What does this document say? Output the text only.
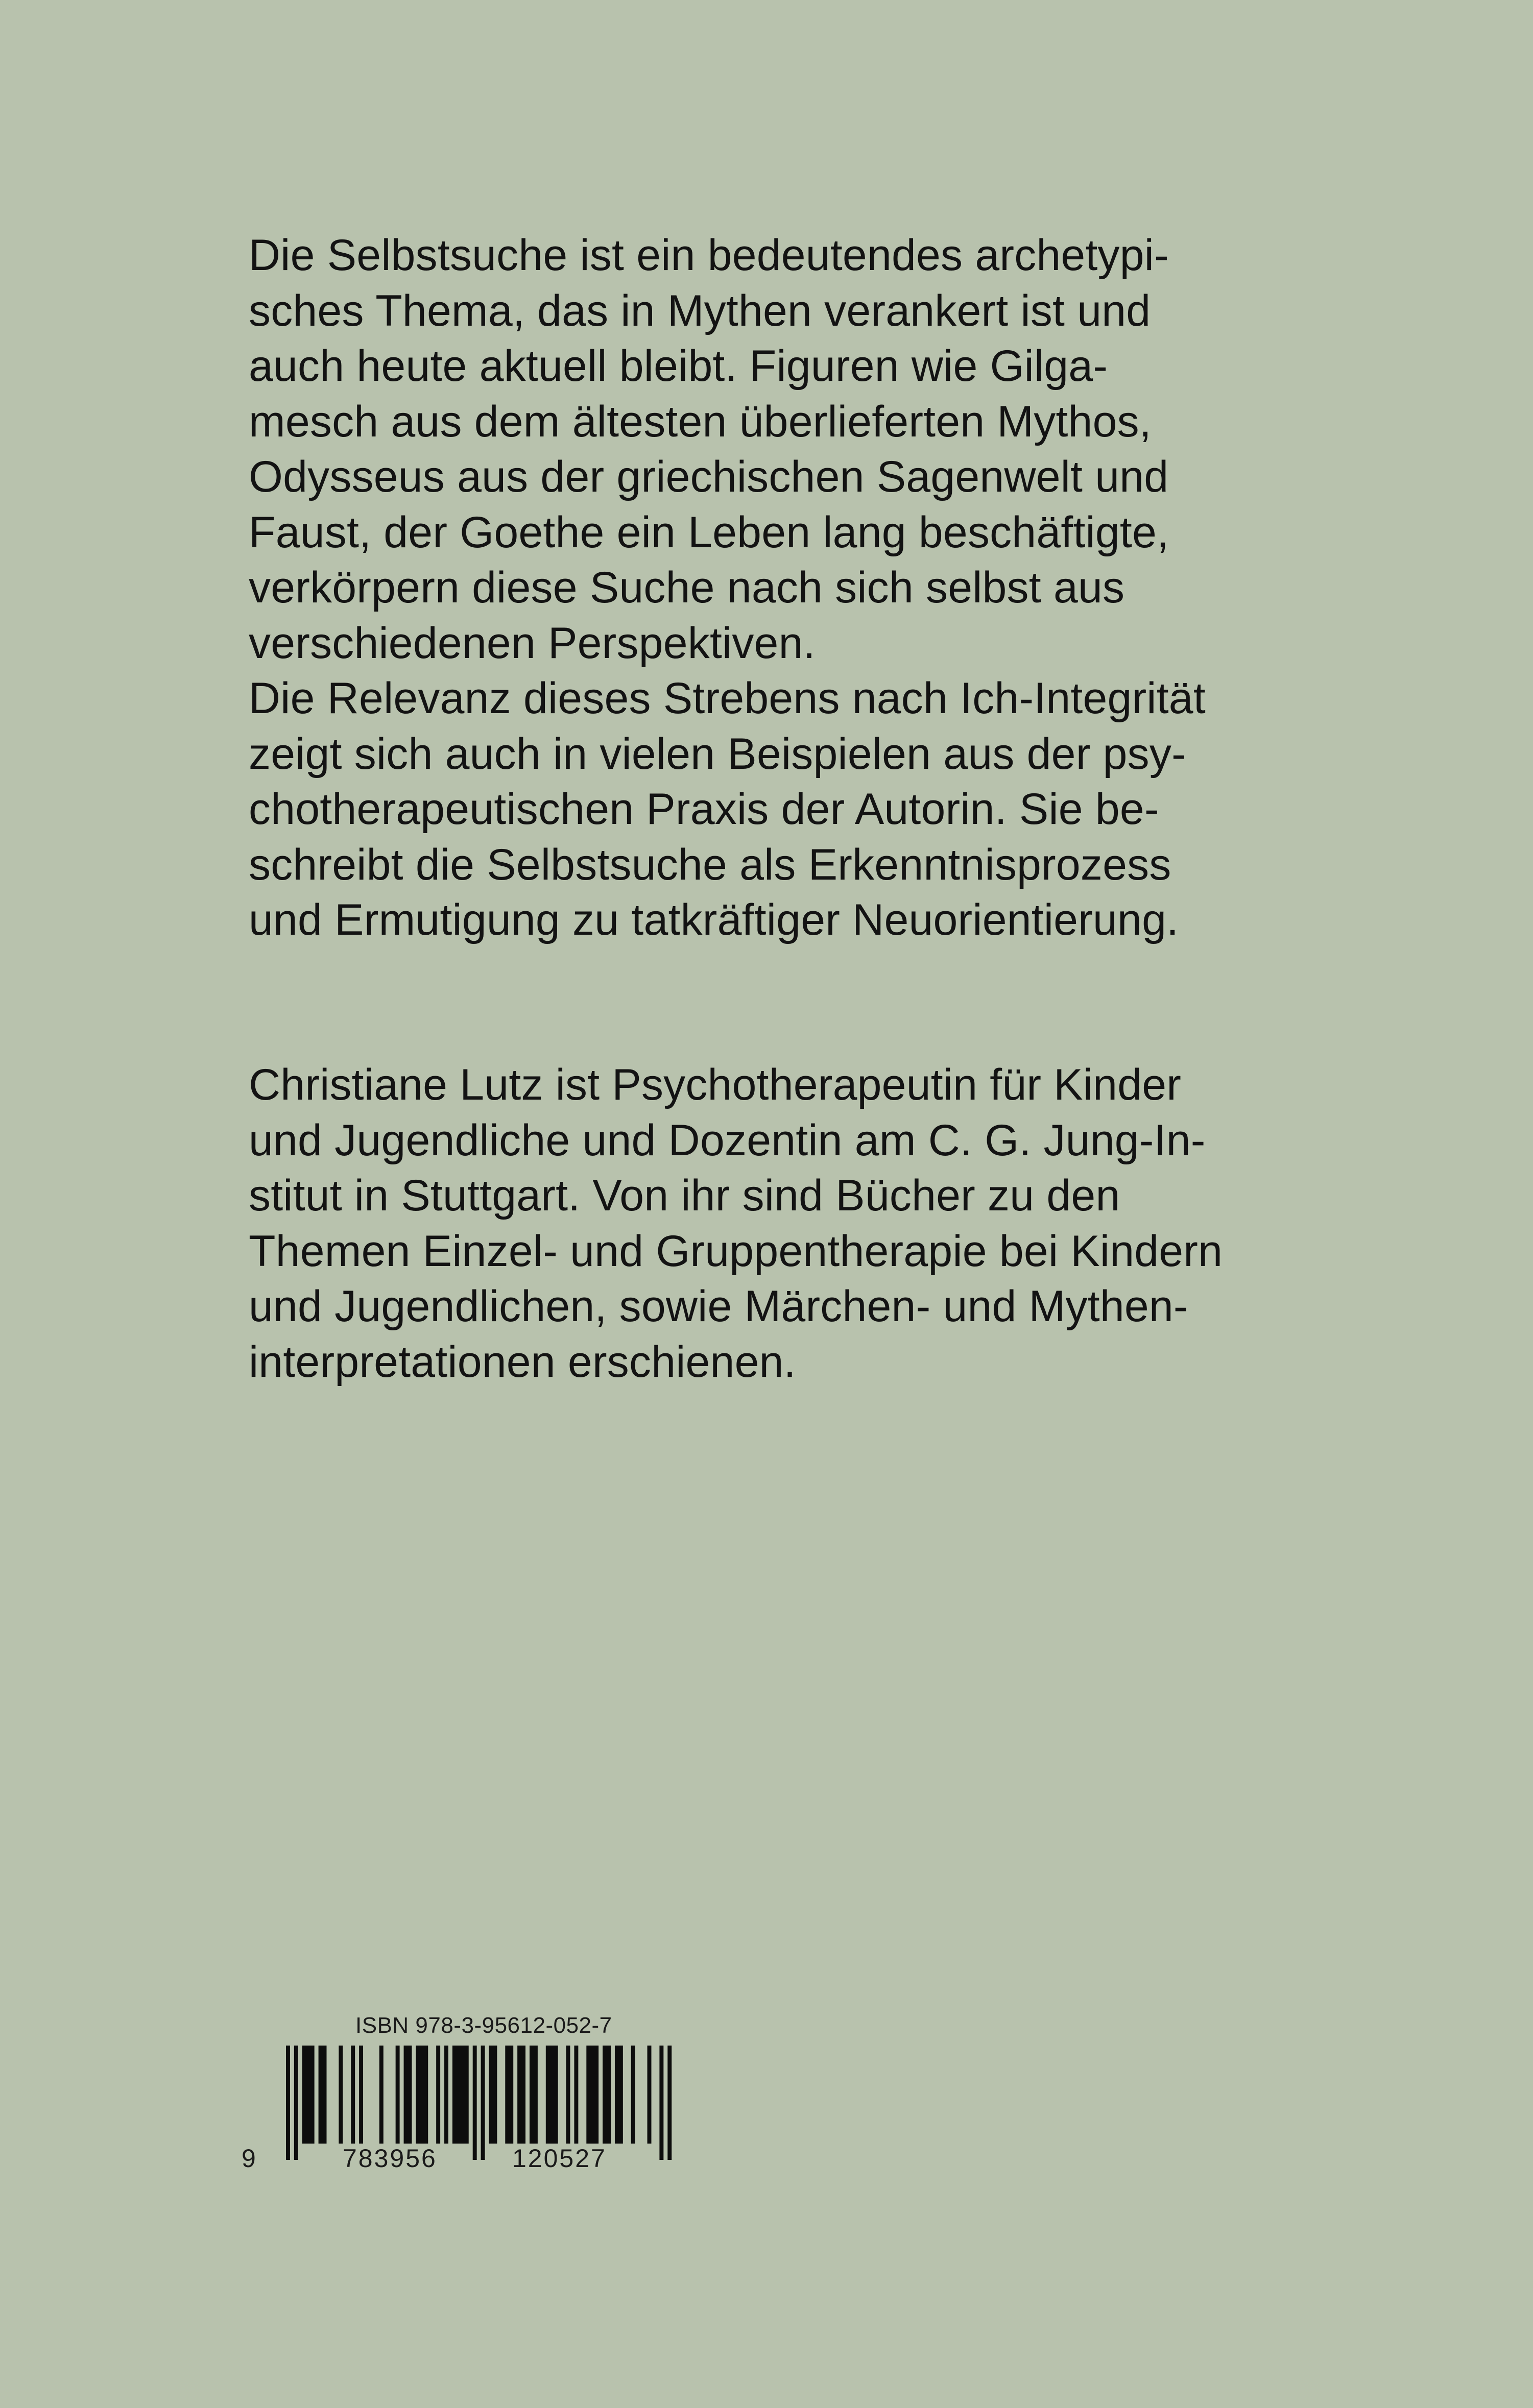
Die Selbstsuche ist ein bedeutendes archetypi-
sches Thema, das in Mythen verankert ist und
auch heute aktuell bleibt. Figuren wie Gilga-
mesch aus dem ältesten überlieferten Mythos,
Odysseus aus der griechischen Sagenwelt und
Faust, der Goethe ein Leben lang beschäftigte,
verkörpern diese Suche nach sich selbst aus
verschiedenen Perspektiven.
Die Relevanz dieses Strebens nach Ich-Integrität
zeigt sich auch in vielen Beispielen aus der psy-
chotherapeutischen Praxis der Autorin. Sie be-
schreibt die Selbstsuche als Erkenntnisprozess
und Ermutigung zu tatkräftiger Neuorientierung.
Christiane Lutz ist Psychotherapeutin für Kinder
und Jugendliche und Dozentin am C. G. Jung-In-
stitut in Stuttgart. Von ihr sind Bücher zu den
Themen Einzel- und Gruppentherapie bei Kindern
und Jugendlichen, sowie Märchen- und Mythen-
interpretationen erschienen.
ISBN 978-3-95612-052-7
9	783956	120527
